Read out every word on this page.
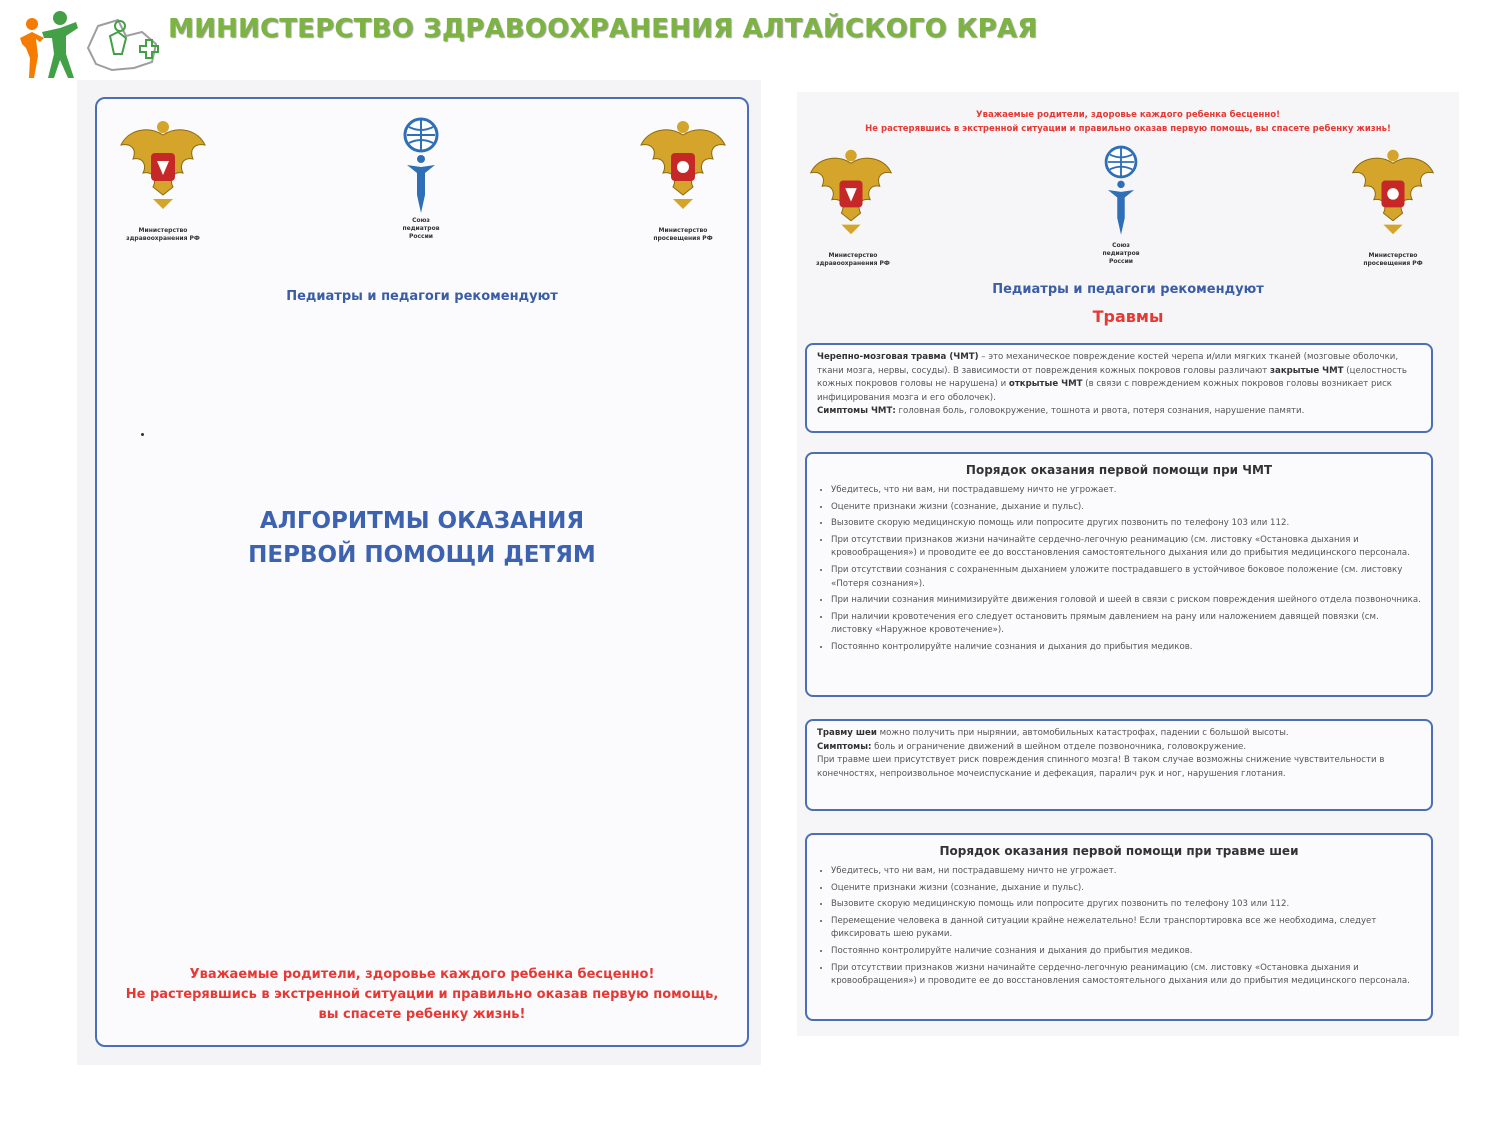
МИНИСТЕРСТВО ЗДРАВООХРАНЕНИЯ АЛТАЙСКОГО КРАЯ
Министерство
здравоохранения РФ
Союз
педиатров
России
Министерство
просвещения РФ
Педиатры и педагоги рекомендуют
АЛГОРИТМЫ ОКАЗАНИЯ
ПЕРВОЙ ПОМОЩИ ДЕТЯМ
Уважаемые родители, здоровье каждого ребенка бесценно!
Не растерявшись в экстренной ситуации и правильно оказав первую помощь,
вы спасете ребенку жизнь!
Уважаемые родители, здоровье каждого ребенка бесценно!
Не растерявшись в экстренной ситуации и правильно оказав первую помощь, вы спасете ребенку жизнь!
Министерство
здравоохранения РФ
Союз
педиатров
России
Министерство
просвещения РФ
Педиатры и педагоги рекомендуют
Травмы
Черепно-мозговая травма (ЧМТ) – это механическое повреждение костей черепа и/или мягких тканей (мозговые оболочки, ткани мозга, нервы, сосуды). В зависимости от повреждения кожных покровов головы различают закрытые ЧМТ (целостность кожных покровов головы не нарушена) и открытые ЧМТ (в связи с повреждением кожных покровов головы возникает риск инфицирования мозга и его оболочек).
Симптомы ЧМТ: головная боль, головокружение, тошнота и рвота, потеря сознания, нарушение памяти.
Порядок оказания первой помощи при ЧМТ
• Убедитесь, что ни вам, ни пострадавшему ничто не угрожает.
• Оцените признаки жизни (сознание, дыхание и пульс).
• Вызовите скорую медицинскую помощь или попросите других позвонить по телефону 103 или 112.
• При отсутствии признаков жизни начинайте сердечно-легочную реанимацию (см. листовку «Остановка дыхания и кровообращения») и проводите ее до восстановления самостоятельного дыхания или до прибытия медицинского персонала.
• При отсутствии сознания с сохраненным дыханием уложите пострадавшего в устойчивое боковое положение (см. листовку «Потеря сознания»).
• При наличии сознания минимизируйте движения головой и шеей в связи с риском повреждения шейного отдела позвоночника.
• При наличии кровотечения его следует остановить прямым давлением на рану или наложением давящей повязки (см. листовку «Наружное кровотечение»).
• Постоянно контролируйте наличие сознания и дыхания до прибытия медиков.
Травму шеи можно получить при нырянии, автомобильных катастрофах, падении с большой высоты.
Симптомы: боль и ограничение движений в шейном отделе позвоночника, головокружение.
При травме шеи присутствует риск повреждения спинного мозга! В таком случае возможны снижение чувствительности в конечностях, непроизвольное мочеиспускание и дефекация, паралич рук и ног, нарушения глотания.
Порядок оказания первой помощи при травме шеи
• Убедитесь, что ни вам, ни пострадавшему ничто не угрожает.
• Оцените признаки жизни (сознание, дыхание и пульс).
• Вызовите скорую медицинскую помощь или попросите других позвонить по телефону 103 или 112.
• Перемещение человека в данной ситуации крайне нежелательно! Если транспортировка все же необходима, следует фиксировать шею руками.
• Постоянно контролируйте наличие сознания и дыхания до прибытия медиков.
• При отсутствии признаков жизни начинайте сердечно-легочную реанимацию (см. листовку «Остановка дыхания и кровообращения») и проводите ее до восстановления самостоятельного дыхания или до прибытия медицинского персонала.
